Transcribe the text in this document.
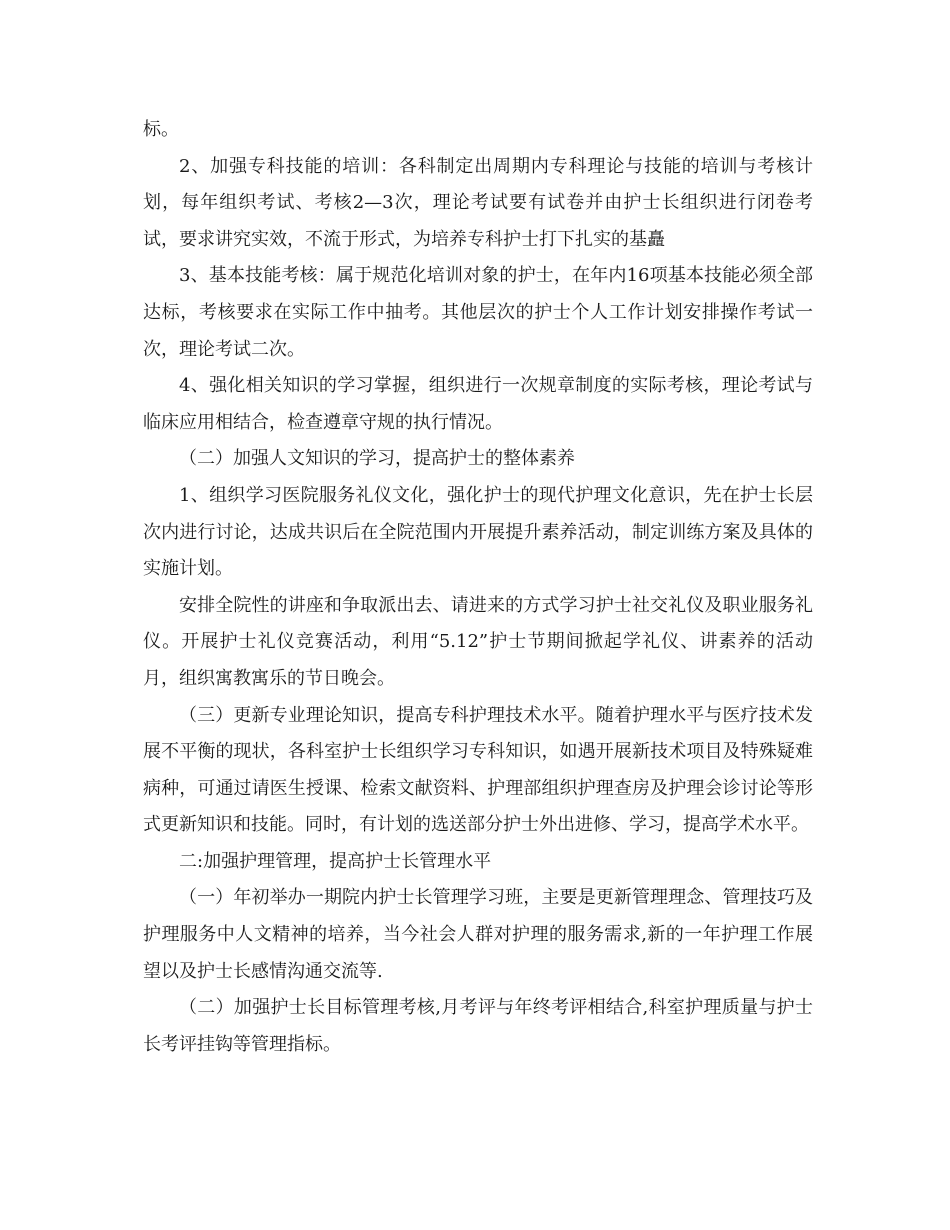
标。

2、加强专科技能的培训：各科制定出周期内专科理论与技能的培训与考核计划，每年组织考试、考核2—3次，理论考试要有试卷并由护士长组织进行闭卷考试，要求讲究实效，不流于形式，为培养专科护士打下扎实的基矗

3、基本技能考核：属于规范化培训对象的护士，在年内16项基本技能必须全部达标，考核要求在实际工作中抽考。其他层次的护士个人工作计划安排操作考试一次，理论考试二次。

4、强化相关知识的学习掌握，组织进行一次规章制度的实际考核，理论考试与临床应用相结合，检查遵章守规的执行情况。

（二）加强人文知识的学习，提高护士的整体素养

1、组织学习医院服务礼仪文化，强化护士的现代护理文化意识，先在护士长层次内进行讨论，达成共识后在全院范围内开展提升素养活动，制定训练方案及具体的实施计划。

安排全院性的讲座和争取派出去、请进来的方式学习护士社交礼仪及职业服务礼仪。开展护士礼仪竞赛活动，利用“5.12”护士节期间掀起学礼仪、讲素养的活动月，组织寓教寓乐的节日晚会。

（三）更新专业理论知识，提高专科护理技术水平。随着护理水平与医疗技术发展不平衡的现状，各科室护士长组织学习专科知识，如遇开展新技术项目及特殊疑难病种，可通过请医生授课、检索文献资料、护理部组织护理查房及护理会诊讨论等形式更新知识和技能。同时，有计划的选送部分护士外出进修、学习，提高学术水平。

二:加强护理管理，提高护士长管理水平

（一）年初举办一期院内护士长管理学习班，主要是更新管理理念、管理技巧及护理服务中人文精神的培养，当今社会人群对护理的服务需求,新的一年护理工作展望以及护士长感情沟通交流等.

（二）加强护士长目标管理考核,月考评与年终考评相结合,科室护理质量与护士长考评挂钩等管理指标。
